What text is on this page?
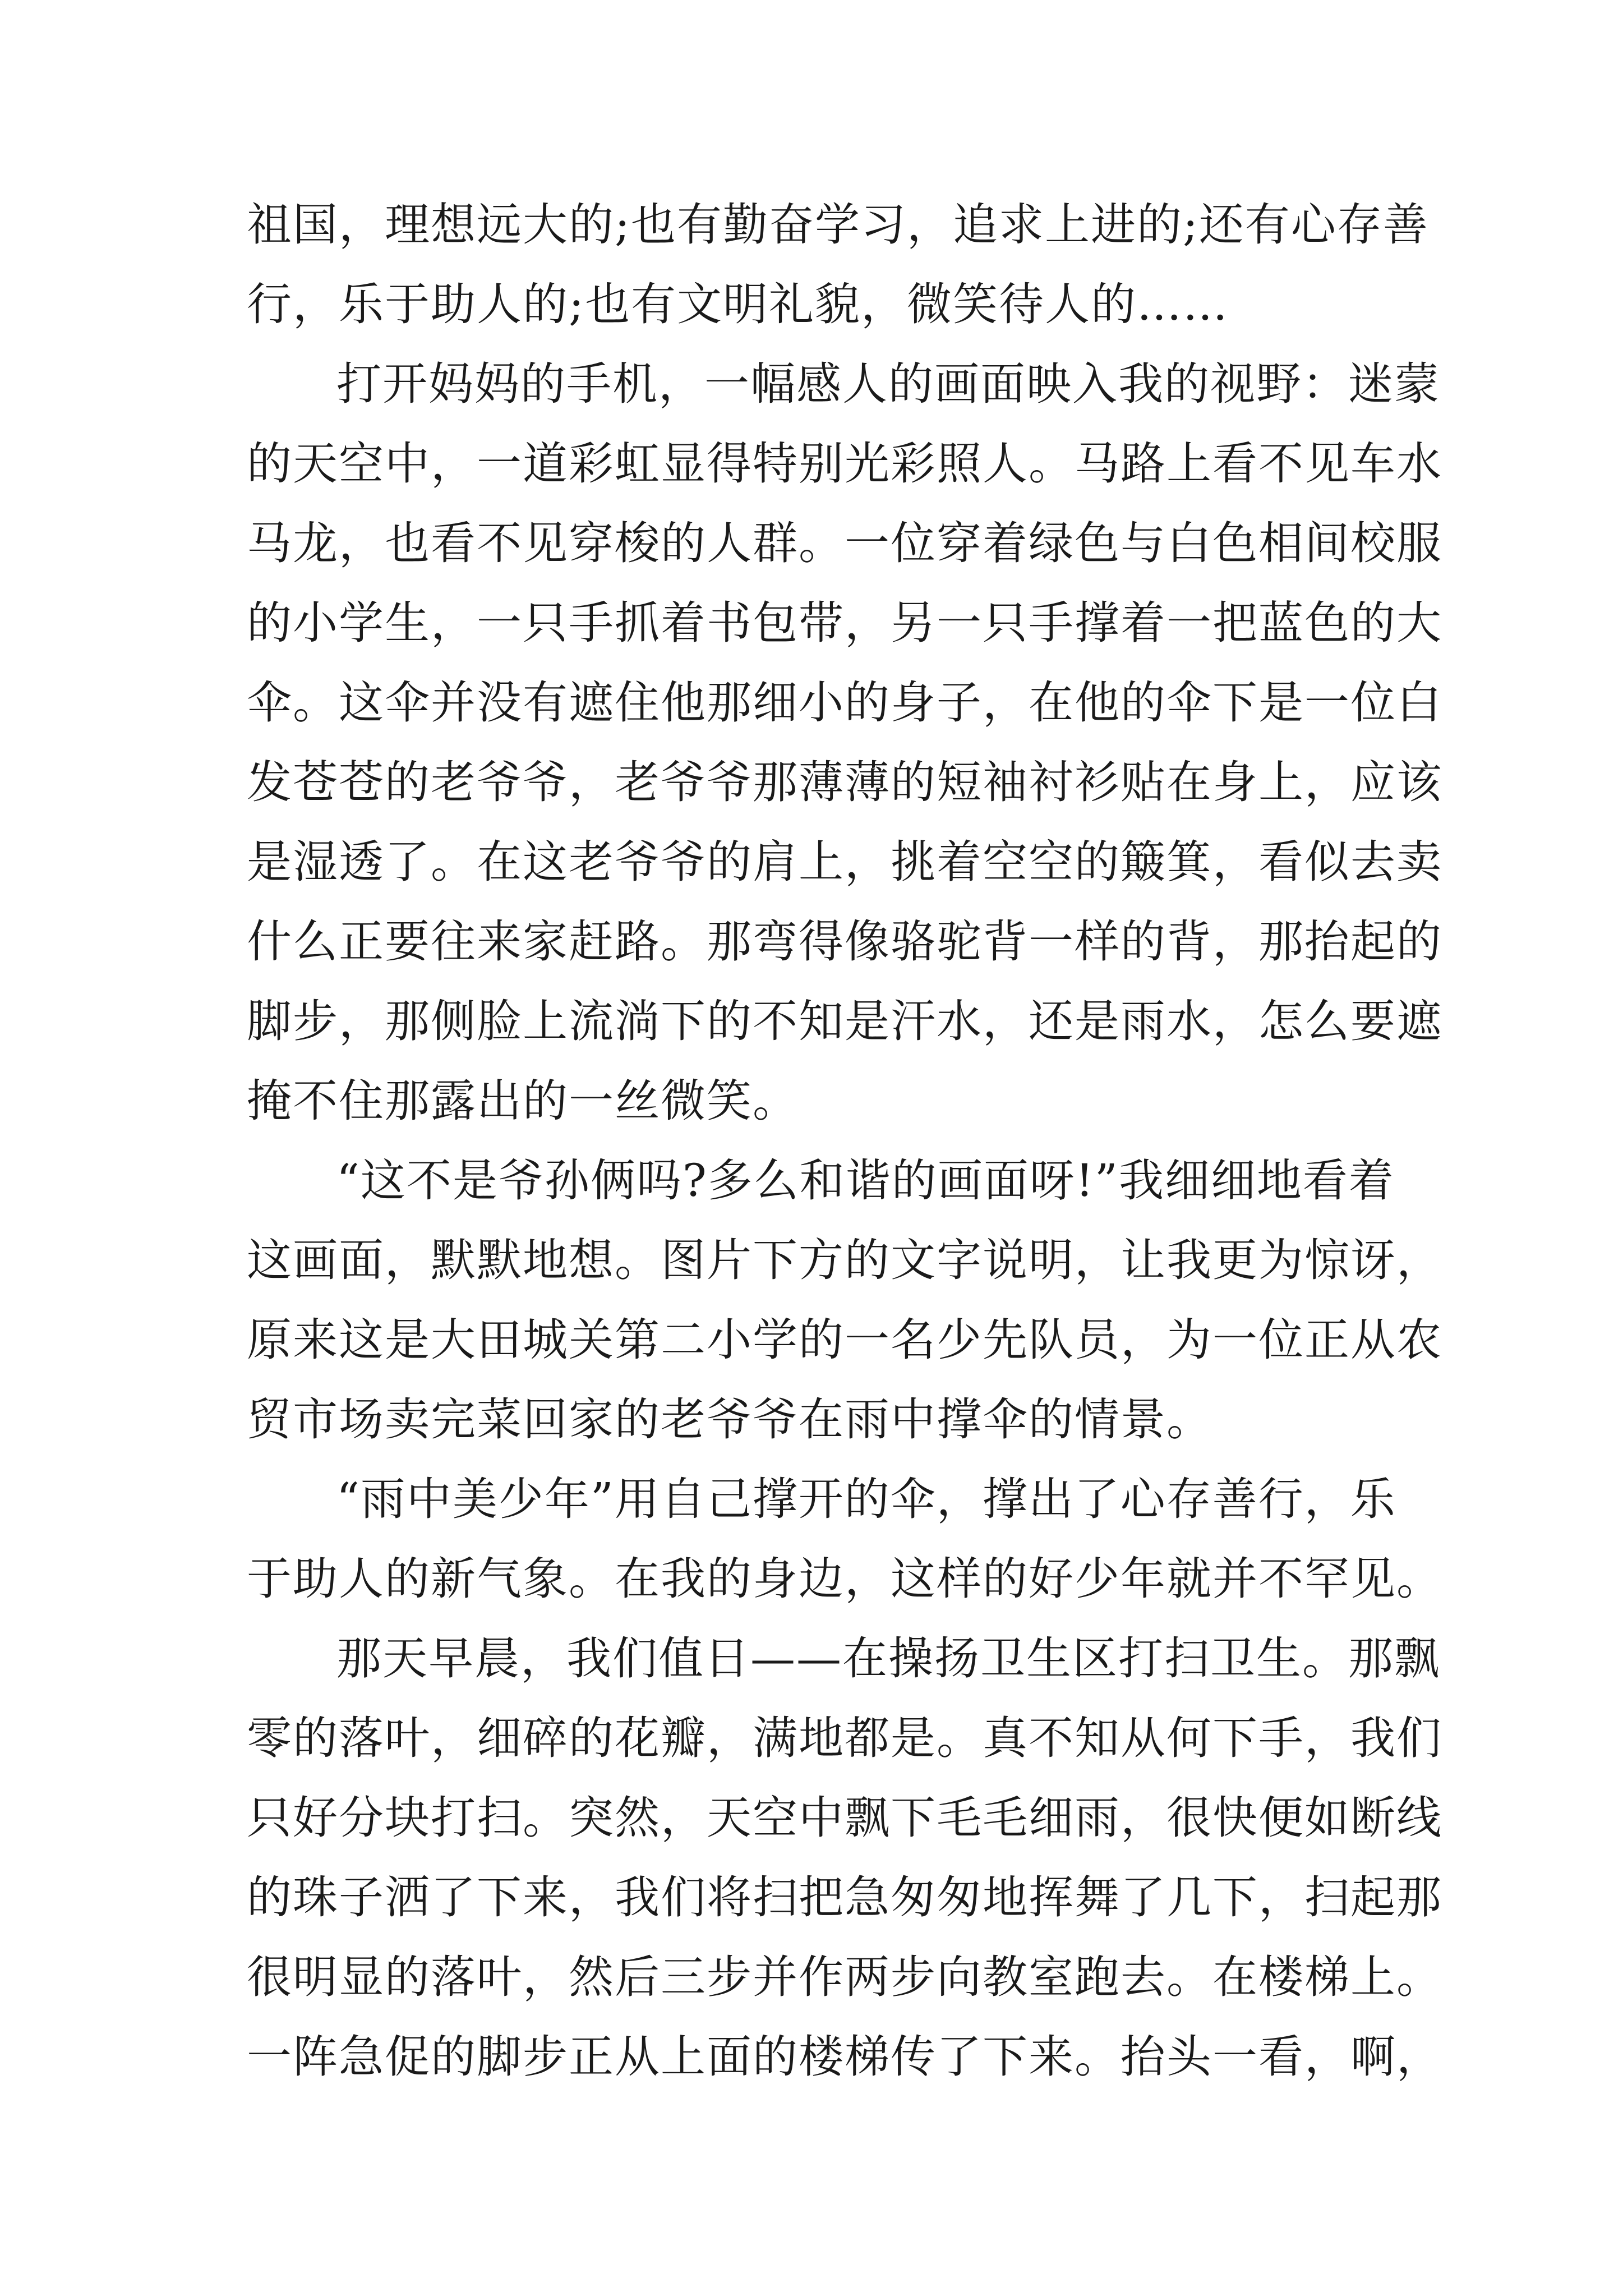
祖国，理想远大的;也有勤奋学习，追求上进的;还有心存善
行，乐于助人的;也有文明礼貌，微笑待人的……
打开妈妈的手机，一幅感人的画面映入我的视野：迷蒙
的天空中，一道彩虹显得特别光彩照人。马路上看不见车水
马龙，也看不见穿梭的人群。一位穿着绿色与白色相间校服
的小学生，一只手抓着书包带，另一只手撑着一把蓝色的大
伞。这伞并没有遮住他那细小的身子，在他的伞下是一位白
发苍苍的老爷爷，老爷爷那薄薄的短袖衬衫贴在身上，应该
是湿透了。在这老爷爷的肩上，挑着空空的簸箕，看似去卖
什么正要往来家赶路。那弯得像骆驼背一样的背，那抬起的
脚步，那侧脸上流淌下的不知是汗水，还是雨水，怎么要遮
掩不住那露出的一丝微笑。
“这不是爷孙俩吗?多么和谐的画面呀!”我细细地看着
这画面，默默地想。图片下方的文字说明，让我更为惊讶，
原来这是大田城关第二小学的一名少先队员，为一位正从农
贸市场卖完菜回家的老爷爷在雨中撑伞的情景。
“雨中美少年”用自己撑开的伞，撑出了心存善行，乐
于助人的新气象。在我的身边，这样的好少年就并不罕见。
那天早晨，我们值日——在操扬卫生区打扫卫生。那飘
零的落叶，细碎的花瓣，满地都是。真不知从何下手，我们
只好分块打扫。突然，天空中飘下毛毛细雨，很快便如断线
的珠子洒了下来，我们将扫把急匆匆地挥舞了几下，扫起那
很明显的落叶，然后三步并作两步向教室跑去。在楼梯上。
一阵急促的脚步正从上面的楼梯传了下来。抬头一看，啊，
